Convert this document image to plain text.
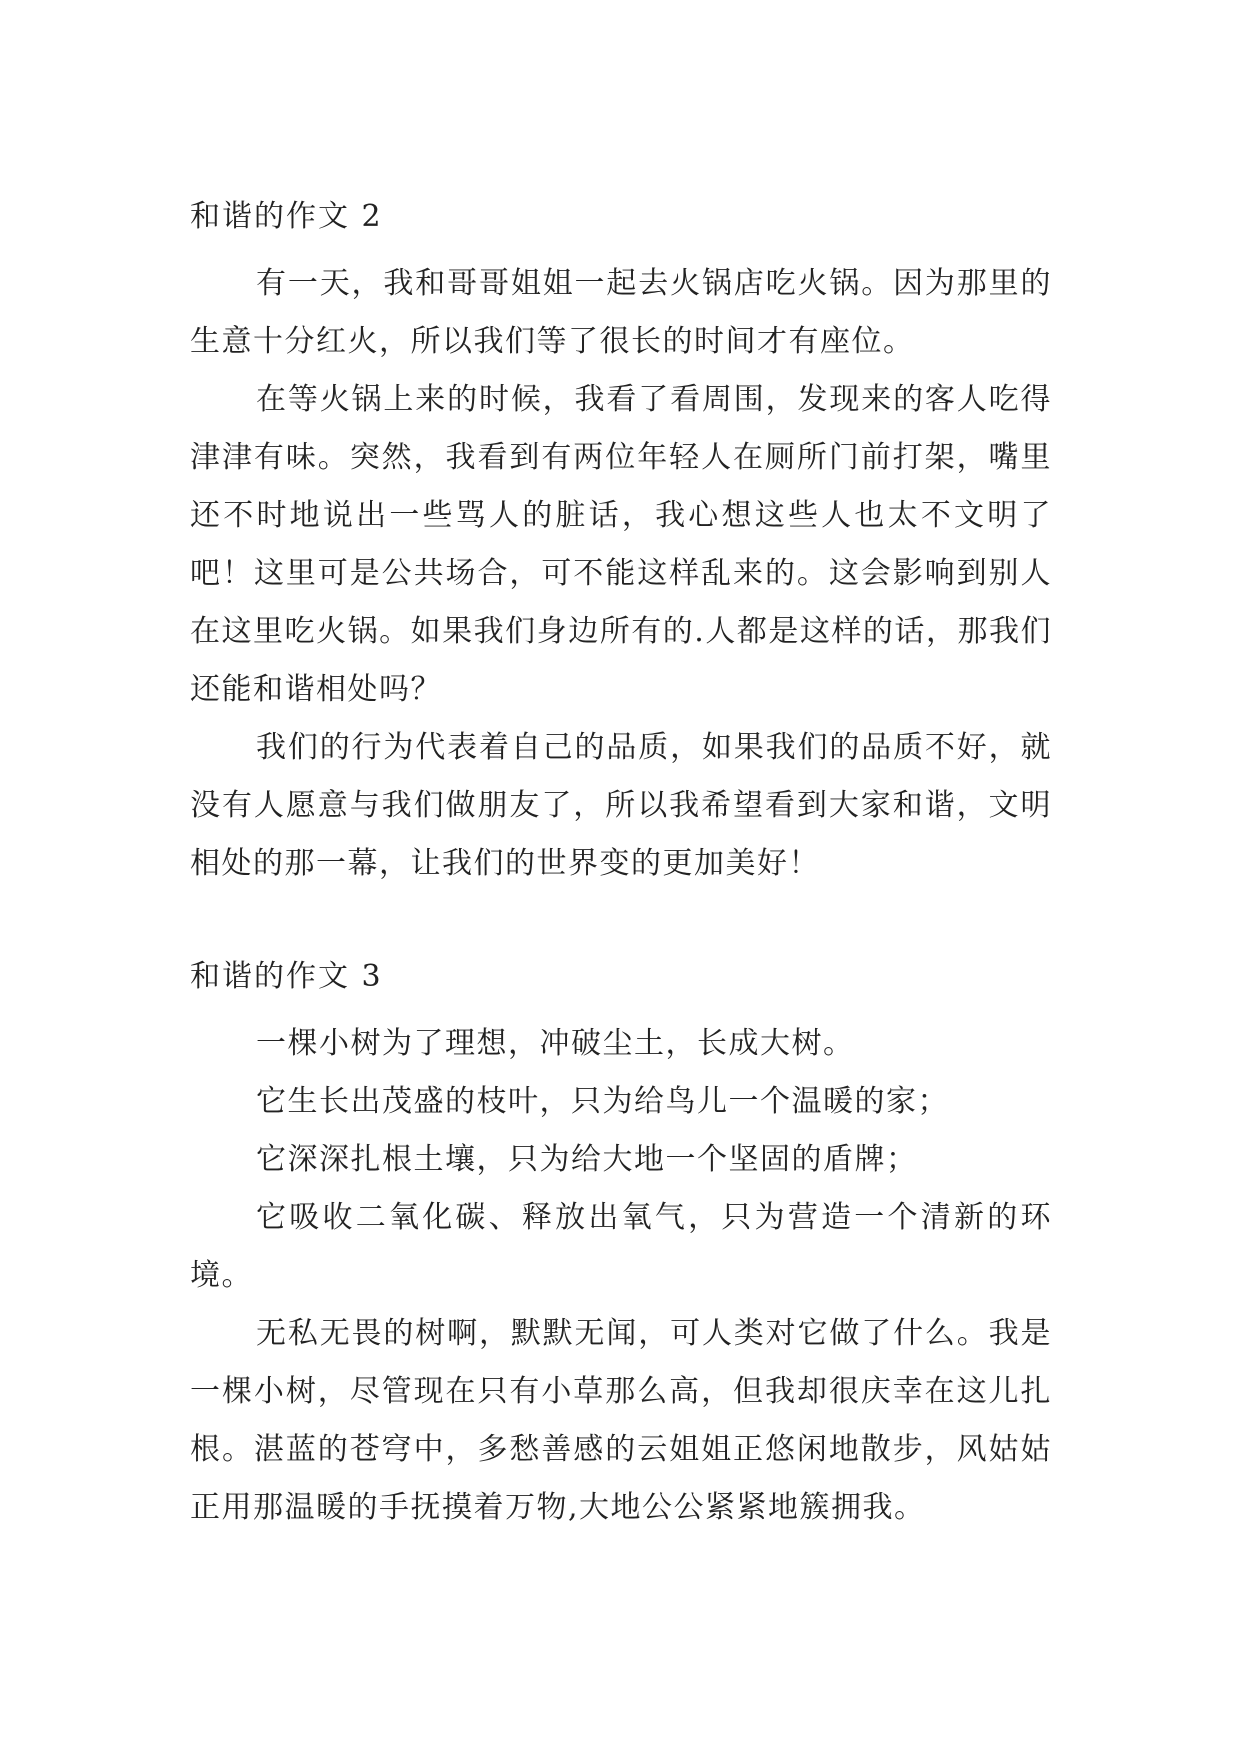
和谐的作文 2

有一天，我和哥哥姐姐一起去火锅店吃火锅。因为那里的生意十分红火，所以我们等了很长的时间才有座位。

在等火锅上来的时候，我看了看周围，发现来的客人吃得津津有味。突然，我看到有两位年轻人在厕所门前打架，嘴里还不时地说出一些骂人的脏话，我心想这些人也太不文明了吧！这里可是公共场合，可不能这样乱来的。这会影响到别人在这里吃火锅。如果我们身边所有的.人都是这样的话，那我们还能和谐相处吗？

我们的行为代表着自己的品质，如果我们的品质不好，就没有人愿意与我们做朋友了，所以我希望看到大家和谐，文明相处的那一幕，让我们的世界变的更加美好！

和谐的作文 3

一棵小树为了理想，冲破尘土，长成大树。

它生长出茂盛的枝叶，只为给鸟儿一个温暖的家；

它深深扎根土壤，只为给大地一个坚固的盾牌；

它吸收二氧化碳、释放出氧气，只为营造一个清新的环境。

无私无畏的树啊，默默无闻，可人类对它做了什么。我是一棵小树，尽管现在只有小草那么高，但我却很庆幸在这儿扎根。湛蓝的苍穹中，多愁善感的云姐姐正悠闲地散步，风姑姑正用那温暖的手抚摸着万物,大地公公紧紧地簇拥我。
